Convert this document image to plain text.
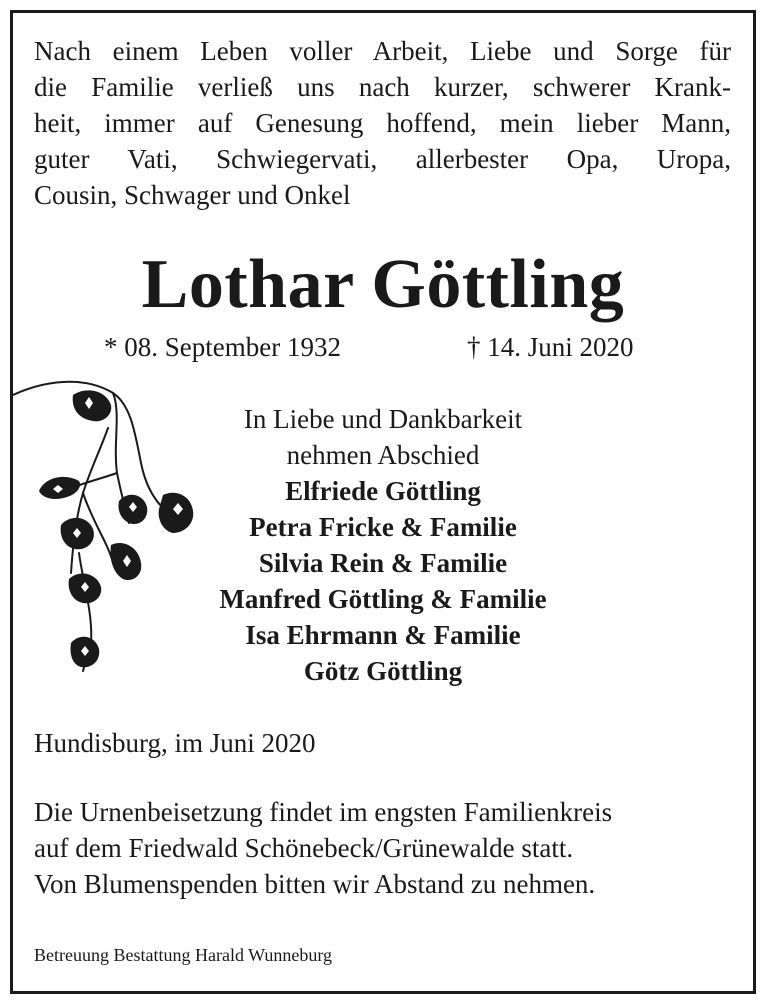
Nach einem Leben voller Arbeit, Liebe und Sorge für
die Familie verließ uns nach kurzer, schwerer Krank-
heit, immer auf Genesung hoffend, mein lieber Mann,
guter Vati, Schwiegervati, allerbester Opa, Uropa,
Cousin, Schwager und Onkel
Lothar Göttling
* 08. September 1932	† 14. Juni 2020
In Liebe und Dankbarkeit
nehmen Abschied
Elfriede Göttling
Petra Fricke & Familie
Silvia Rein & Familie
Manfred Göttling & Familie
Isa Ehrmann & Familie
Götz Göttling
Hundisburg, im Juni 2020
Die Urnenbeisetzung findet im engsten Familienkreis
auf dem Friedwald Schönebeck/Grünewalde statt.
Von Blumenspenden bitten wir Abstand zu nehmen.
Betreuung Bestattung Harald Wunneburg
